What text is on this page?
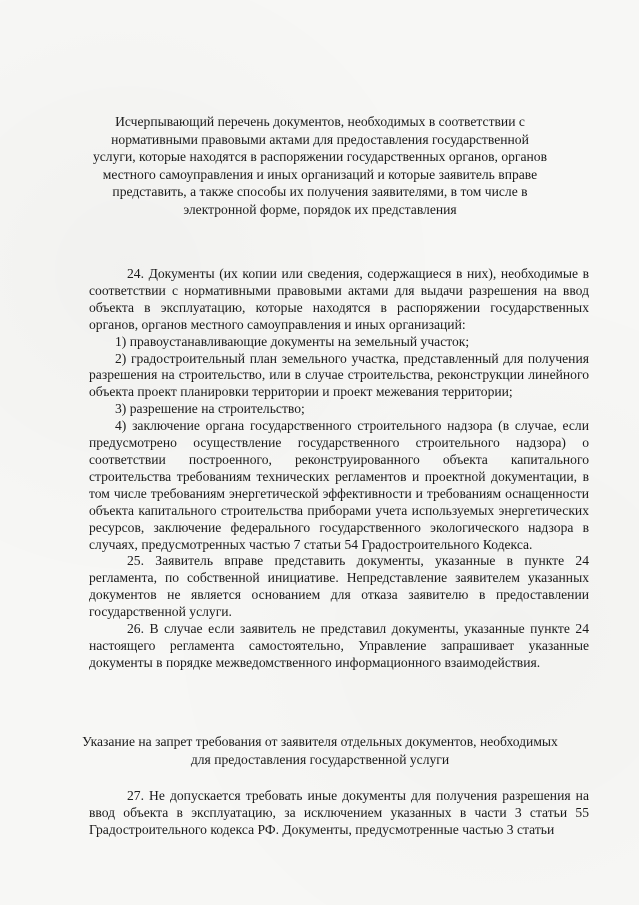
Исчерпывающий перечень документов, необходимых в соответствии с нормативными правовыми актами для предоставления государственной услуги, которые находятся в распоряжении государственных органов, органов местного самоуправления и иных организаций и которые заявитель вправе представить, а также способы их получения заявителями, в том числе в электронной форме, порядок их представления

24. Документы (их копии или сведения, содержащиеся в них), необходимые в соответствии с нормативными правовыми актами для выдачи разрешения на ввод объекта в эксплуатацию, которые находятся в распоряжении государственных органов, органов местного самоуправления и иных организаций:

1) правоустанавливающие документы на земельный участок;

2) градостроительный план земельного участка, представленный для получения разрешения на строительство, или в случае строительства, реконструкции линейного объекта проект планировки территории и проект межевания территории;

3) разрешение на строительство;

4) заключение органа государственного строительного надзора (в случае, если предусмотрено осуществление государственного строительного надзора) о соответствии построенного, реконструированного объекта капитального строительства требованиям технических регламентов и проектной документации, в том числе требованиям энергетической эффективности и требованиям оснащенности объекта капитального строительства приборами учета используемых энергетических ресурсов, заключение федерального государственного экологического надзора в случаях, предусмотренных частью 7 статьи 54 Градостроительного Кодекса.

25. Заявитель вправе представить документы, указанные в пункте 24 регламента, по собственной инициативе. Непредставление заявителем указанных документов не является основанием для отказа заявителю в предоставлении государственной услуги.

26. В случае если заявитель не представил документы, указанные пункте 24 настоящего регламента самостоятельно, Управление запрашивает указанные документы в порядке межведомственного информационного взаимодействия.

Указание на запрет требования от заявителя отдельных документов, необходимых для предоставления государственной услуги

27. Не допускается требовать иные документы для получения разрешения на ввод объекта в эксплуатацию, за исключением указанных в части 3 статьи 55 Градостроительного кодекса РФ. Документы, предусмотренные частью 3 статьи
